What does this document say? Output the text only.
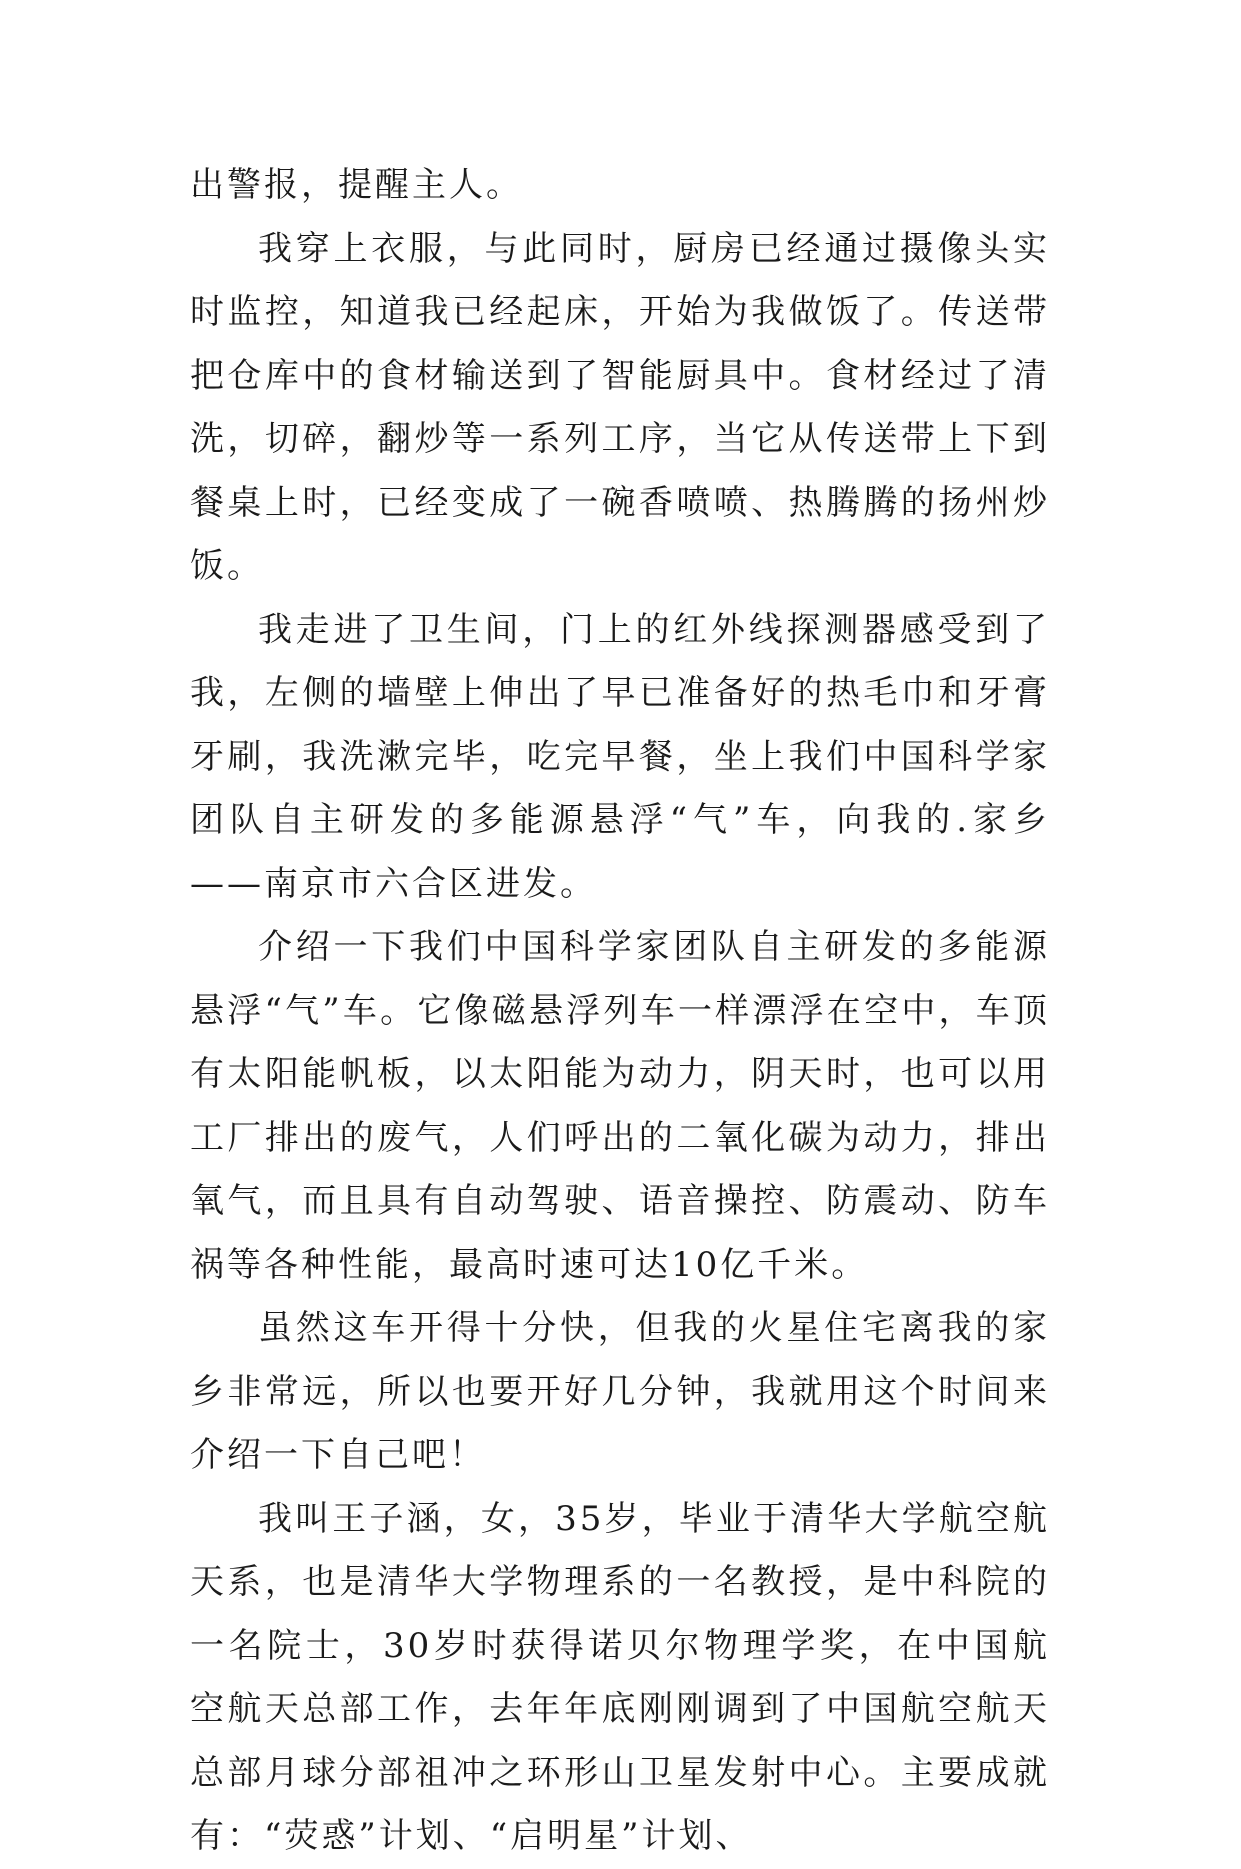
出警报，提醒主人。

我穿上衣服，与此同时，厨房已经通过摄像头实时监控，知道我已经起床，开始为我做饭了。传送带把仓库中的食材输送到了智能厨具中。食材经过了清洗，切碎，翻炒等一系列工序，当它从传送带上下到餐桌上时，已经变成了一碗香喷喷、热腾腾的扬州炒饭。

我走进了卫生间，门上的红外线探测器感受到了我，左侧的墙壁上伸出了早已准备好的热毛巾和牙膏牙刷，我洗漱完毕，吃完早餐，坐上我们中国科学家团队自主研发的多能源悬浮“气”车，向我的.家乡——南京市六合区进发。

介绍一下我们中国科学家团队自主研发的多能源悬浮“气”车。它像磁悬浮列车一样漂浮在空中，车顶有太阳能帆板，以太阳能为动力，阴天时，也可以用工厂排出的废气，人们呼出的二氧化碳为动力，排出氧气，而且具有自动驾驶、语音操控、防震动、防车祸等各种性能，最高时速可达10亿千米。

虽然这车开得十分快，但我的火星住宅离我的家乡非常远，所以也要开好几分钟，我就用这个时间来介绍一下自己吧！

我叫王子涵，女，35岁，毕业于清华大学航空航天系，也是清华大学物理系的一名教授，是中科院的一名院士，30岁时获得诺贝尔物理学奖，在中国航空航天总部工作，去年年底刚刚调到了中国航空航天总部月球分部祖冲之环形山卫星发射中心。主要成就有：“荧惑”计划、“启明星”计划、
